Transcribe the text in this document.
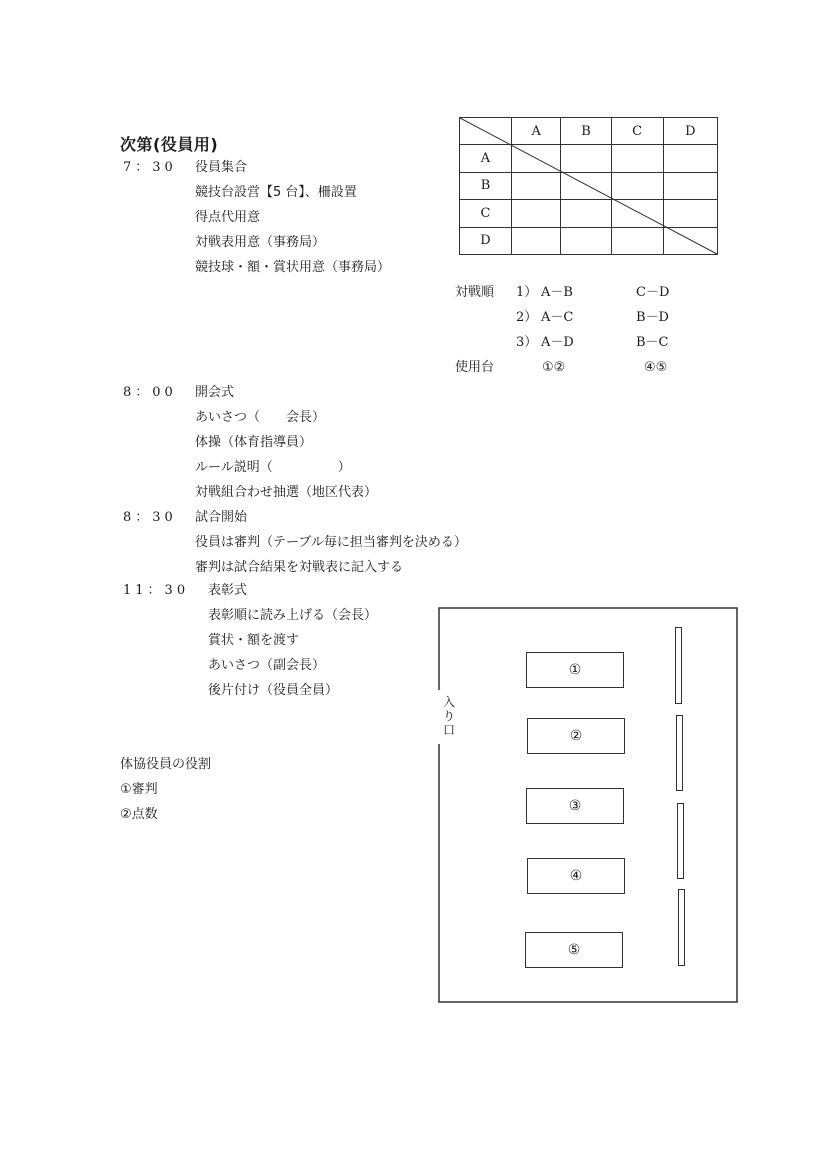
次第(役員用)
7：30 役員集合
競技台設営【5 台】、柵設置
得点代用意
対戦表用意（事務局）
競技球・額・賞状用意（事務局）
8：00 開会式
あいさつ（　　会長）
体操（体育指導員）
ルール説明（　　　　　）
対戦組合わせ抽選（地区代表）
8：30 試合開始
役員は審判（テーブル毎に担当審判を決める）
審判は試合結果を対戦表に記入する
11：30 表彰式
表彰順に読み上げる（会長）
賞状・額を渡す
あいさつ（副会長）
後片付け（役員全員）
体協役員の役割
①審判
②点数
	A	B	C	D
A				
B				
C				
D				
対戦順 1） A－B	C－D
2） A－C	B－D
3） A－D	B－C
使用台	①②	④⑤
入り口
①
②
③
④
⑤
